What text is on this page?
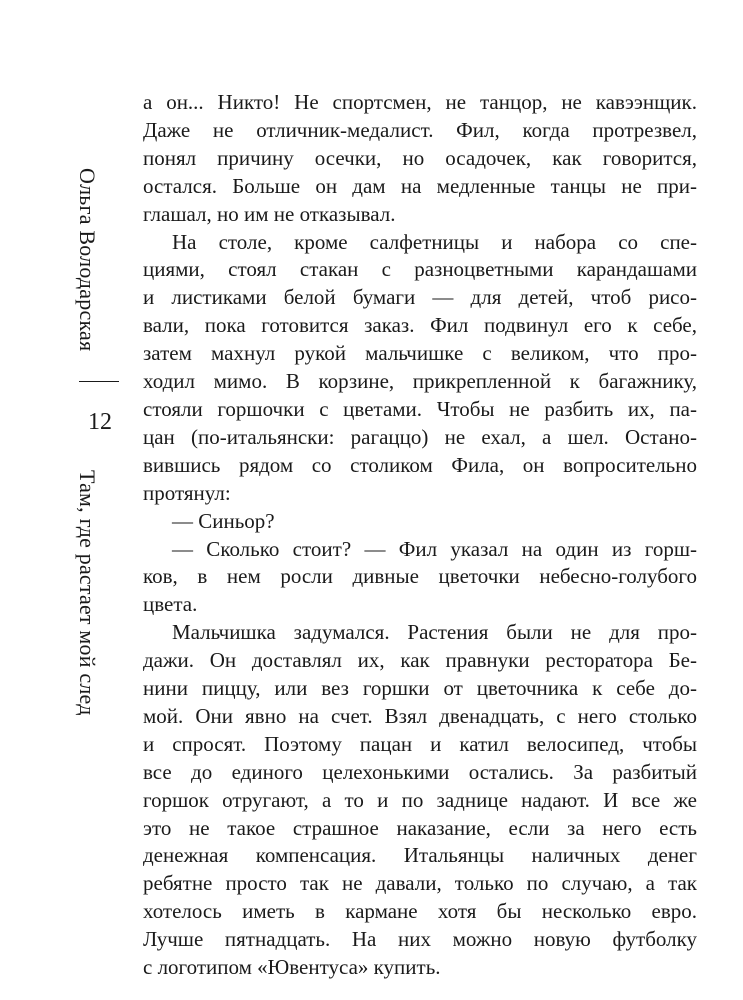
Ольга Володарская
12
Там, где растает мой след
а он... Никто! Не спортсмен, не танцор, не кавээнщик.
Даже не отличник-медалист. Фил, когда протрезвел,
понял причину осечки, но осадочек, как говорится,
остался. Больше он дам на медленные танцы не при-
глашал, но им не отказывал.
На столе, кроме салфетницы и набора со спе-
циями, стоял стакан с разноцветными карандашами
и листиками белой бумаги — для детей, чтоб рисо-
вали, пока готовится заказ. Фил подвинул его к себе,
затем махнул рукой мальчишке с великом, что про-
ходил мимо. В корзине, прикрепленной к багажнику,
стояли горшочки с цветами. Чтобы не разбить их, па-
цан (по-итальянски: рагаццо) не ехал, а шел. Остано-
вившись рядом со столиком Фила, он вопросительно
протянул:
— Синьор?
— Сколько стоит? — Фил указал на один из горш-
ков, в нем росли дивные цветочки небесно-голубого
цвета.
Мальчишка задумался. Растения были не для про-
дажи. Он доставлял их, как правнуки ресторатора Бе-
нини пиццу, или вез горшки от цветочника к себе до-
мой. Они явно на счет. Взял двенадцать, с него столько
и спросят. Поэтому пацан и катил велосипед, чтобы
все до единого целехонькими остались. За разбитый
горшок отругают, а то и по заднице надают. И все же
это не такое страшное наказание, если за него есть
денежная компенсация. Итальянцы наличных денег
ребятне просто так не давали, только по случаю, а так
хотелось иметь в кармане хотя бы несколько евро.
Лучше пятнадцать. На них можно новую футболку
с логотипом «Ювентуса» купить.
